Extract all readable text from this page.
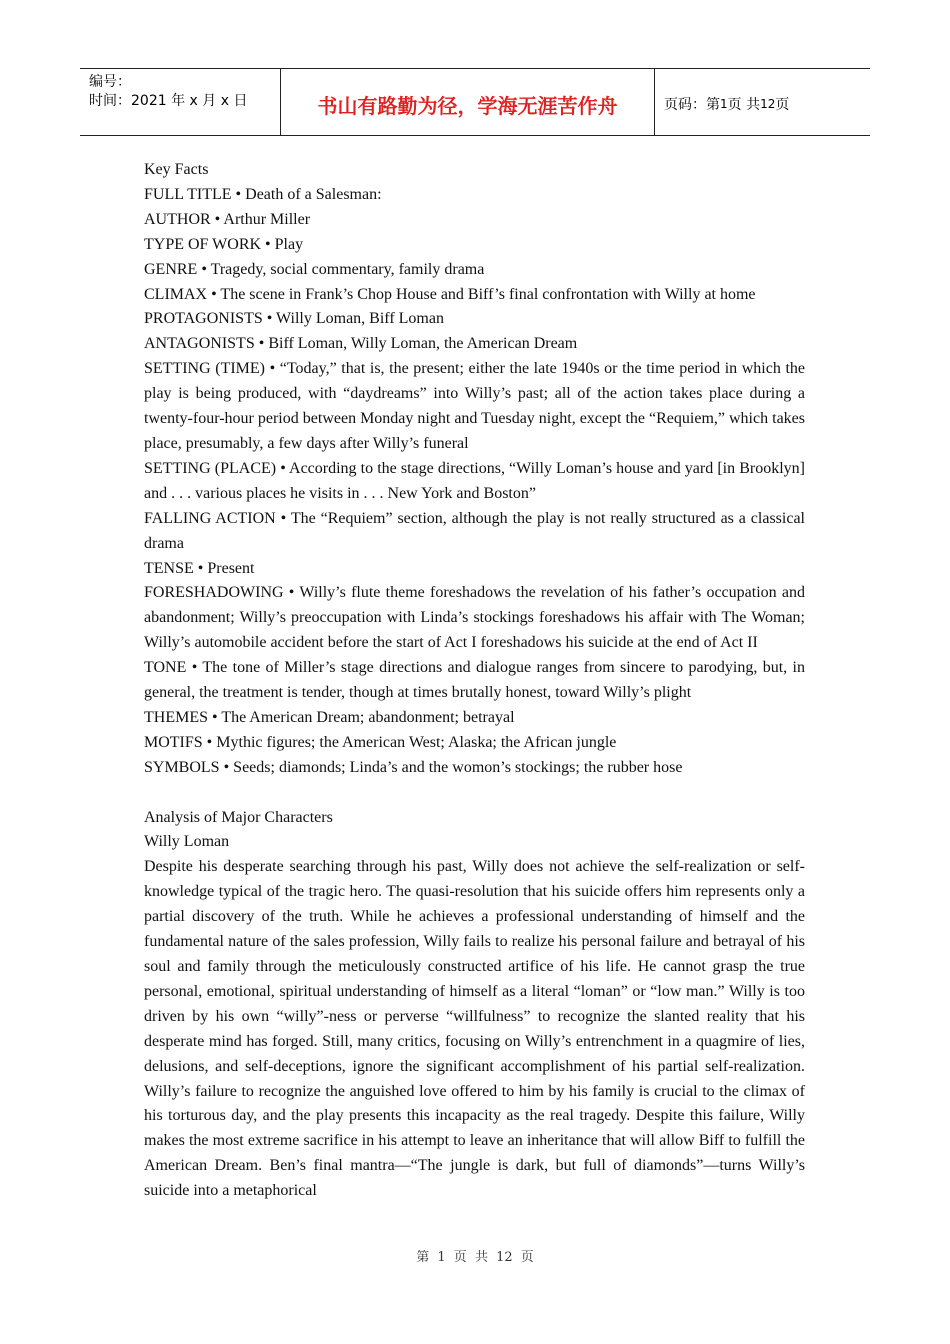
编号：
时间：2021 年 x 月 x 日	书山有路勤为径，学海无涯苦作舟	页码：第 1 页 共 12 页

Key Facts

FULL TITLE • Death of a Salesman:

AUTHOR • Arthur Miller

TYPE OF WORK • Play

GENRE • Tragedy, social commentary, family drama

CLIMAX • The scene in Frank’s Chop House and Biff’s final confrontation with Willy at home

PROTAGONISTS • Willy Loman, Biff Loman

ANTAGONISTS • Biff Loman, Willy Loman, the American Dream

SETTING (TIME) • “Today,” that is, the present; either the late 1940s or the time period in which the play is being produced, with “daydreams” into Willy’s past; all of the action takes place during a twenty-four-hour period between Monday night and Tuesday night, except the “Requiem,” which takes place, presumably, a few days after Willy’s funeral

SETTING (PLACE) • According to the stage directions, “Willy Loman’s house and yard [in Brooklyn] and . . . various places he visits in . . . New York and Boston”

FALLING ACTION • The “Requiem” section, although the play is not really structured as a classical drama

TENSE • Present

FORESHADOWING • Willy’s flute theme foreshadows the revelation of his father’s occupation and abandonment; Willy’s preoccupation with Linda’s stockings foreshadows his affair with The Woman; Willy’s automobile accident before the start of Act I foreshadows his suicide at the end of Act II

TONE • The tone of Miller’s stage directions and dialogue ranges from sincere to parodying, but, in general, the treatment is tender, though at times brutally honest, toward Willy’s plight

THEMES • The American Dream; abandonment; betrayal

MOTIFS • Mythic figures; the American West; Alaska; the African jungle

SYMBOLS • Seeds; diamonds; Linda’s and the womon’s stockings; the rubber hose

Analysis of Major Characters

Willy Loman

Despite his desperate searching through his past, Willy does not achieve the self-realization or self-knowledge typical of the tragic hero. The quasi-resolution that his suicide offers him represents only a partial discovery of the truth. While he achieves a professional understanding of himself and the fundamental nature of the sales profession, Willy fails to realize his personal failure and betrayal of his soul and family through the meticulously constructed artifice of his life. He cannot grasp the true personal, emotional, spiritual understanding of himself as a literal “loman” or “low man.” Willy is too driven by his own “willy”-ness or perverse “willfulness” to recognize the slanted reality that his desperate mind has forged. Still, many critics, focusing on Willy’s entrenchment in a quagmire of lies, delusions, and self-deceptions, ignore the significant accomplishment of his partial self-realization. Willy’s failure to recognize the anguished love offered to him by his family is crucial to the climax of his torturous day, and the play presents this incapacity as the real tragedy. Despite this failure, Willy makes the most extreme sacrifice in his attempt to leave an inheritance that will allow Biff to fulfill the American Dream. Ben’s final mantra—“The jungle is dark, but full of diamonds”—turns Willy’s suicide into a metaphorical

第 1 页 共 12 页
